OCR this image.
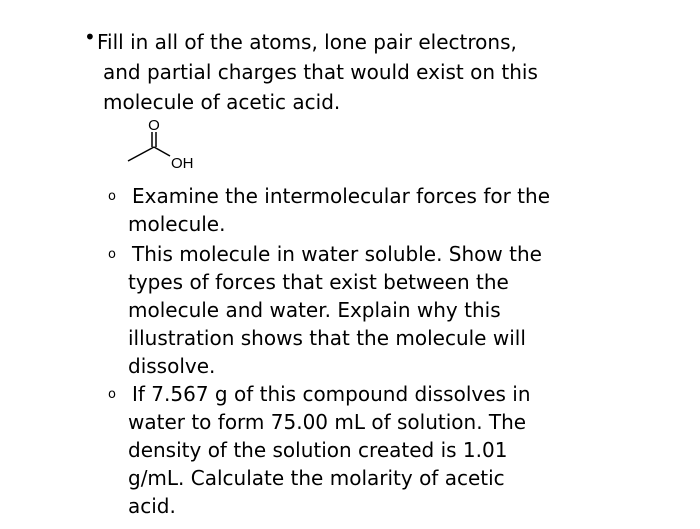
• Fill in all of the atoms, lone pair electrons,
and partial charges that would exist on this
molecule of acetic acid.
O
OH
o Examine the intermolecular forces for the
molecule.
o This molecule in water soluble. Show the
types of forces that exist between the
molecule and water. Explain why this
illustration shows that the molecule will
dissolve.
o If 7.567 g of this compound dissolves in
water to form 75.00 mL of solution. The
density of the solution created is 1.01
g/mL. Calculate the molarity of acetic
acid.
